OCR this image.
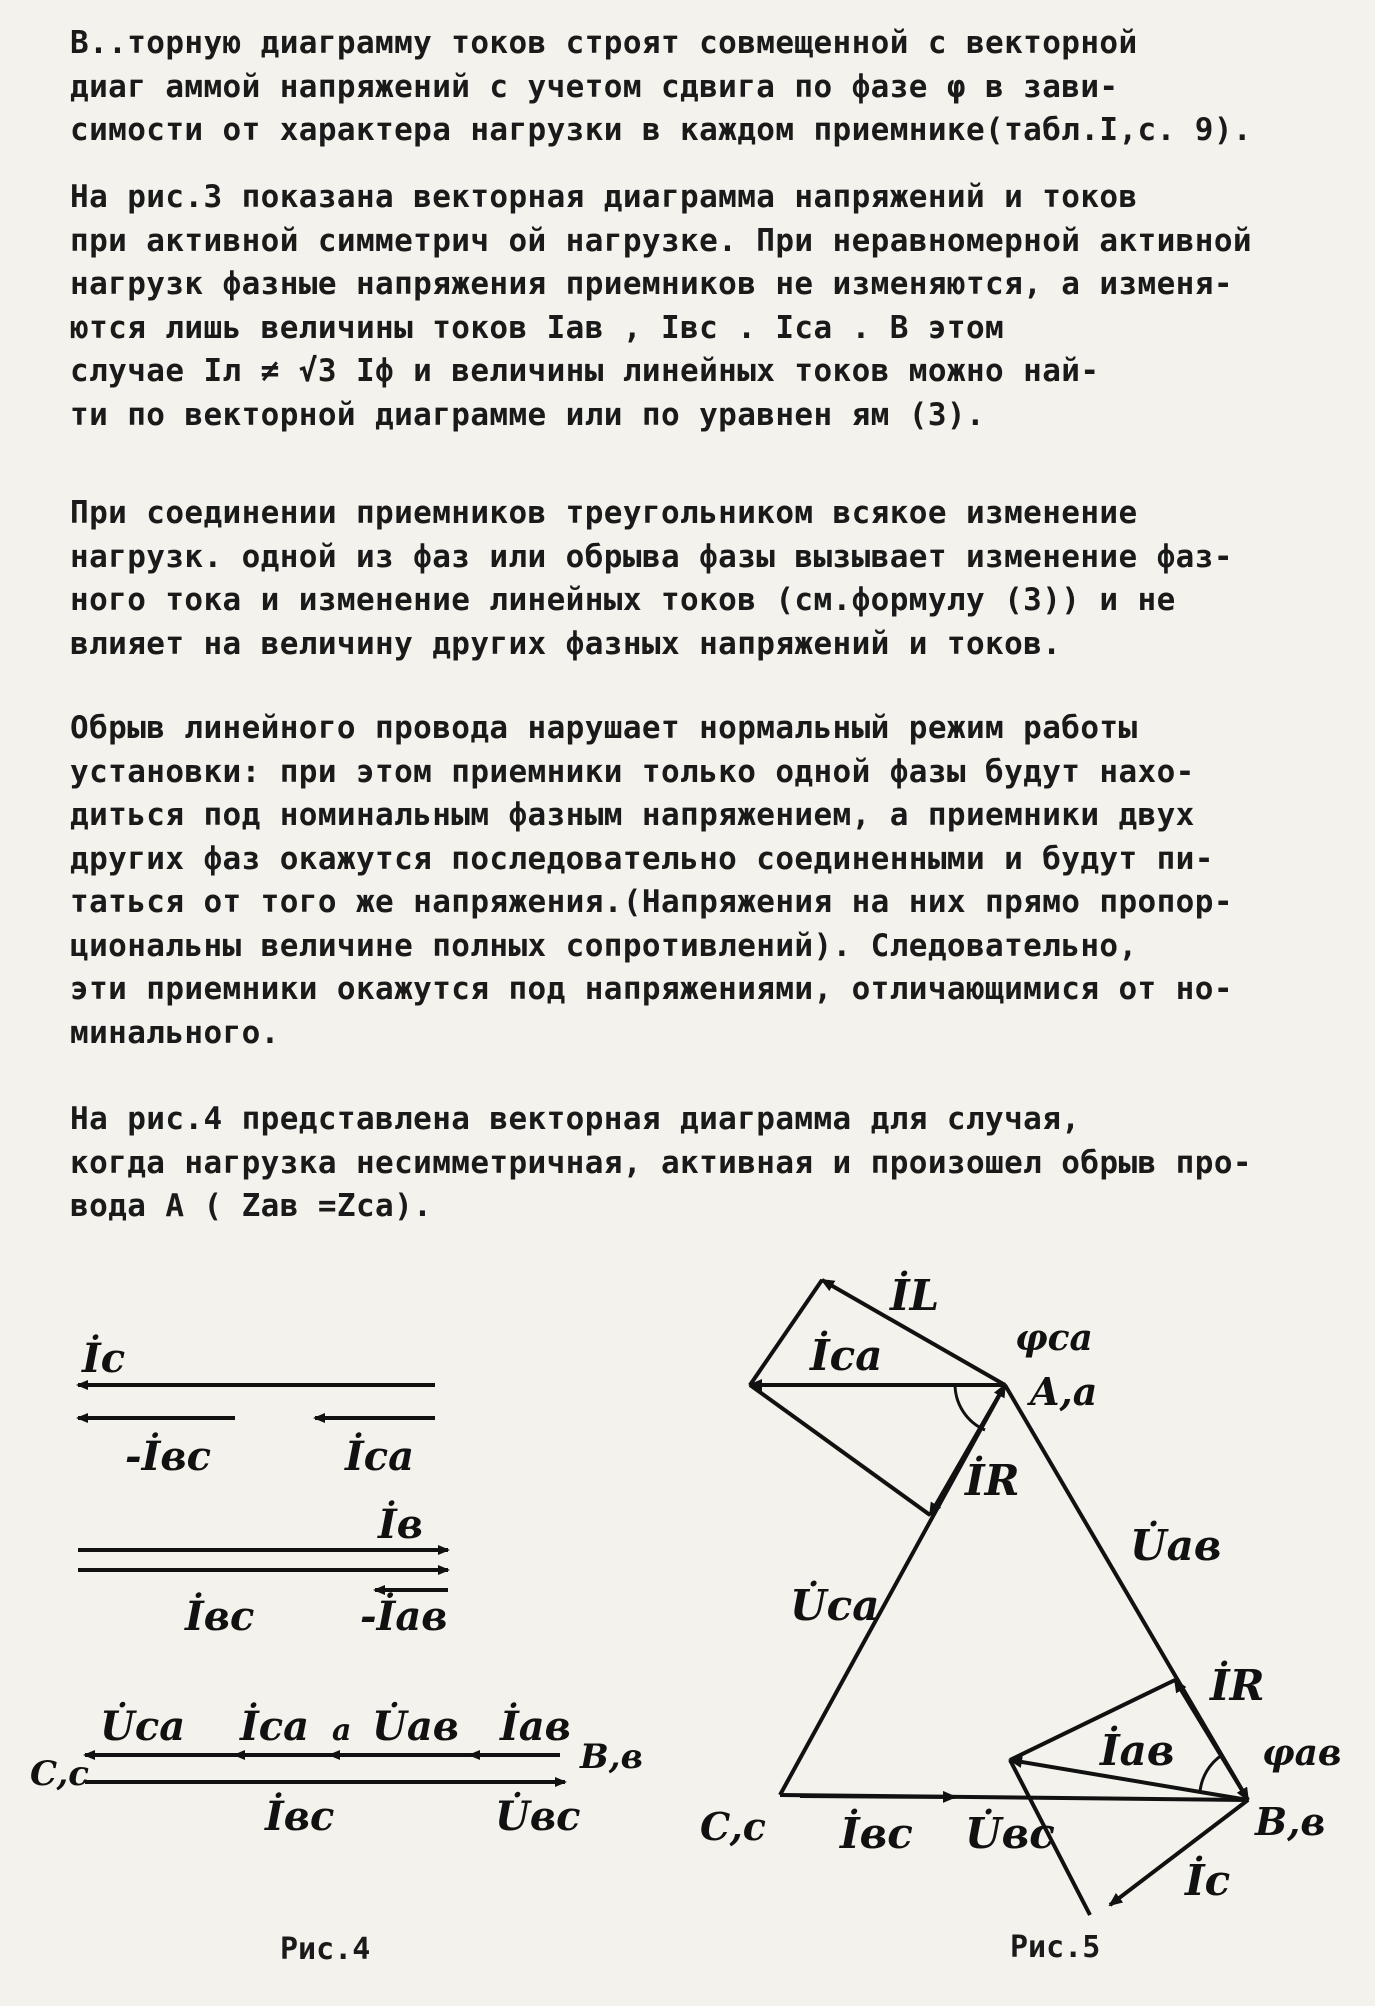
В..торную диаграмму токов строят совмещенной с векторной
диаг аммой напряжений с учетом сдвига по фазе φ в зави-
симости от характера нагрузки в каждом приемнике(табл.I,с. 9).

На рис.3 показана векторная диаграмма напряжений и токов
при активной симметрич ой нагрузке. При неравномерной активной
нагрузк фазные напряжения приемников не изменяются, а изменя-
ются лишь величины токов Iав , Iвс . Iса . В этом
случае Iл ≠ √3 Iф и величины линейных токов можно най-
ти по векторной диаграмме или по уравнен ям (3).

При соединении приемников треугольником всякое изменение
нагрузк. одной из фаз или обрыва фазы вызывает изменение фаз-
ного тока и изменение линейных токов (см.формулу (3)) и не
влияет на величину других фазных напряжений и токов.

Обрыв линейного провода нарушает нормальный режим работы
установки: при этом приемники только одной фазы будут нахо-
диться под номинальным фазным напряжением, а приемники двух
других фаз окажутся последовательно соединенными и будут пи-
таться от того же напряжения.(Напряжения на них прямо пропор-
циональны величине полных сопротивлений). Следовательно,
эти приемники окажутся под напряжениями, отличающимися от но-
минального.

На рис.4 представлена векторная диаграмма для случая,
когда нагрузка несимметричная, активная и произошел обрыв про-
вода А ( Zав =Zса).

İc
-İвс	İca
İв
İвс	-İaв
U̇ca İca a U̇aв İaв
В,в
C,c
İвc	U̇вc
Рис.4
İL
İca	φca
A,a
İR
U̇aв
U̇ca
İR
İaв φaв
C,c İвс U̇вс	В,в
İc
Рис.5
